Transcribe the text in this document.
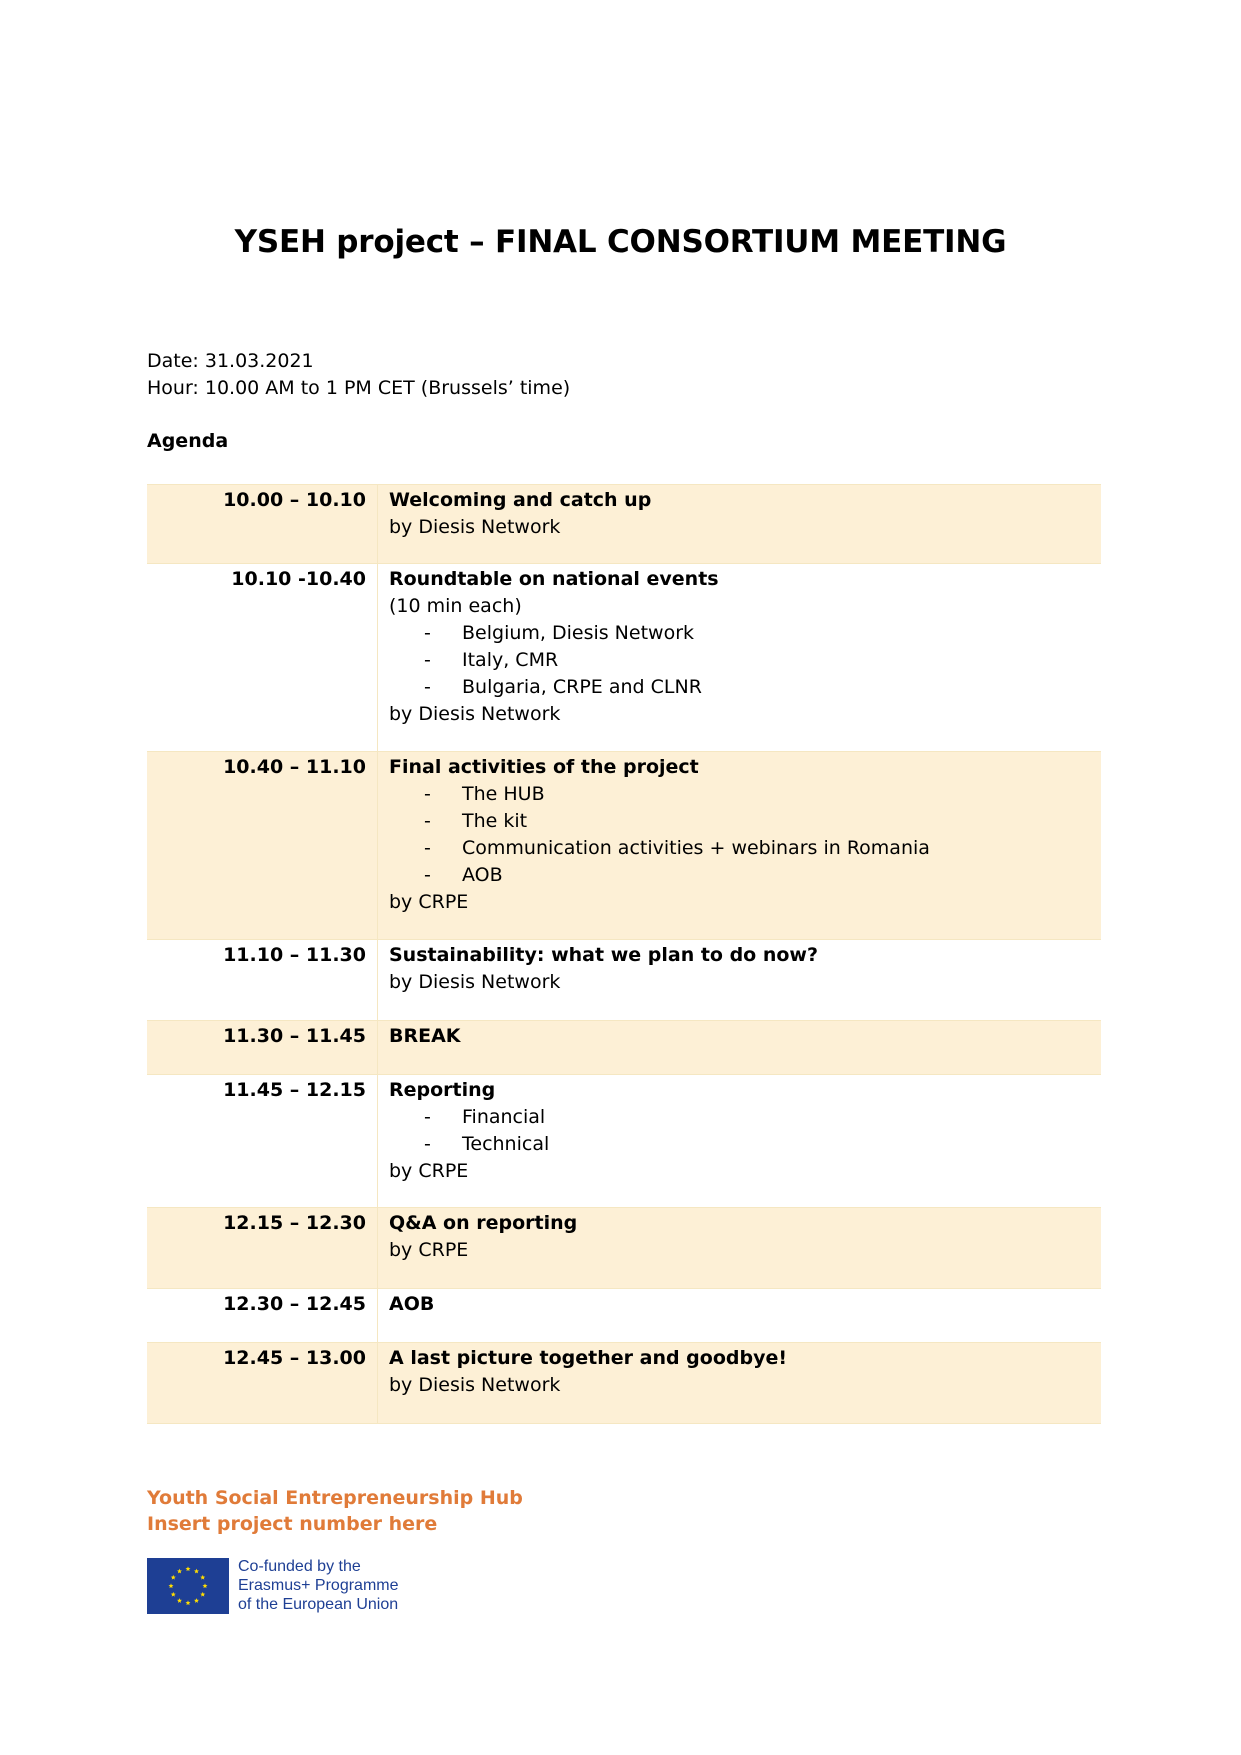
YSEH project – FINAL CONSORTIUM MEETING
Date: 31.03.2021
Hour: 10.00 AM to 1 PM CET (Brussels’ time)
Agenda
10.00 – 10.10	Welcoming and catch up
by Diesis Network
10.10 -10.40	Roundtable on national events
(10 min each)
- Belgium, Diesis Network
- Italy, CMR
- Bulgaria, CRPE and CLNR
by Diesis Network
10.40 – 11.10	Final activities of the project
- The HUB
- The kit
- Communication activities + webinars in Romania
- AOB
by CRPE
11.10 – 11.30	Sustainability: what we plan to do now?
by Diesis Network
11.30 – 11.45	BREAK
11.45 – 12.15	Reporting
- Financial
- Technical
by CRPE
12.15 – 12.30	Q&A on reporting
by CRPE
12.30 – 12.45	AOB
12.45 – 13.00	A last picture together and goodbye!
by Diesis Network
Youth Social Entrepreneurship Hub
Insert project number here
Co-funded by the
Erasmus+ Programme
of the European Union
